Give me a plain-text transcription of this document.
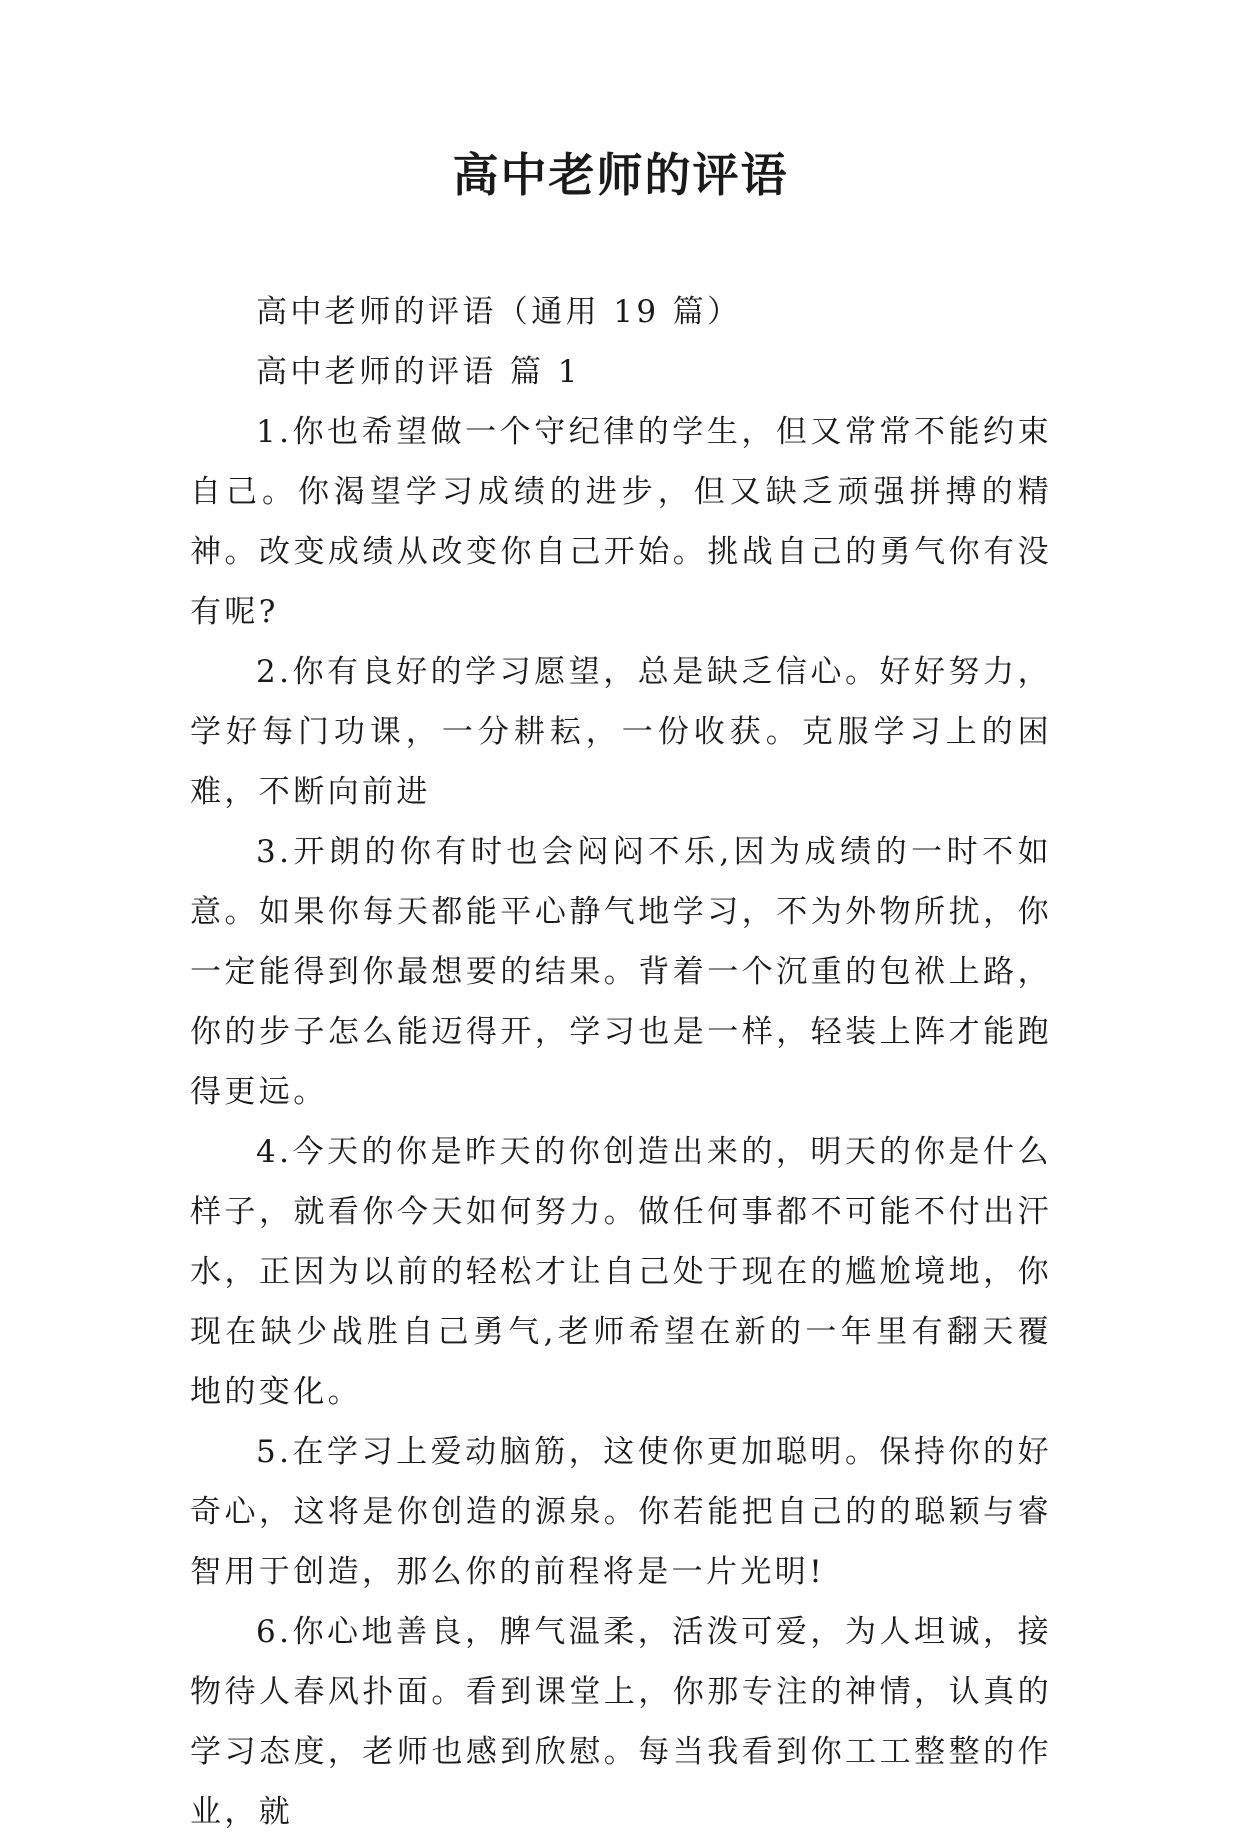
高中老师的评语

高中老师的评语（通用 19 篇）

高中老师的评语 篇 1

1.你也希望做一个守纪律的学生，但又常常不能约束自己。你渴望学习成绩的进步，但又缺乏顽强拼搏的精神。改变成绩从改变你自己开始。挑战自己的勇气你有没有呢?

2.你有良好的学习愿望，总是缺乏信心。好好努力，学好每门功课，一分耕耘，一份收获。克服学习上的困难，不断向前进

3.开朗的你有时也会闷闷不乐,因为成绩的一时不如意。如果你每天都能平心静气地学习，不为外物所扰，你一定能得到你最想要的结果。背着一个沉重的包袱上路，你的步子怎么能迈得开，学习也是一样，轻装上阵才能跑得更远。

4.今天的你是昨天的你创造出来的，明天的你是什么样子，就看你今天如何努力。做任何事都不可能不付出汗水，正因为以前的轻松才让自己处于现在的尴尬境地，你现在缺少战胜自己勇气,老师希望在新的一年里有翻天覆地的变化。

5.在学习上爱动脑筋，这使你更加聪明。保持你的好奇心，这将是你创造的源泉。你若能把自己的的聪颖与睿智用于创造，那么你的前程将是一片光明!

6.你心地善良，脾气温柔，活泼可爱，为人坦诚，接物待人春风扑面。看到课堂上，你那专注的神情，认真的学习态度，老师也感到欣慰。每当我看到你工工整整的作业，就
